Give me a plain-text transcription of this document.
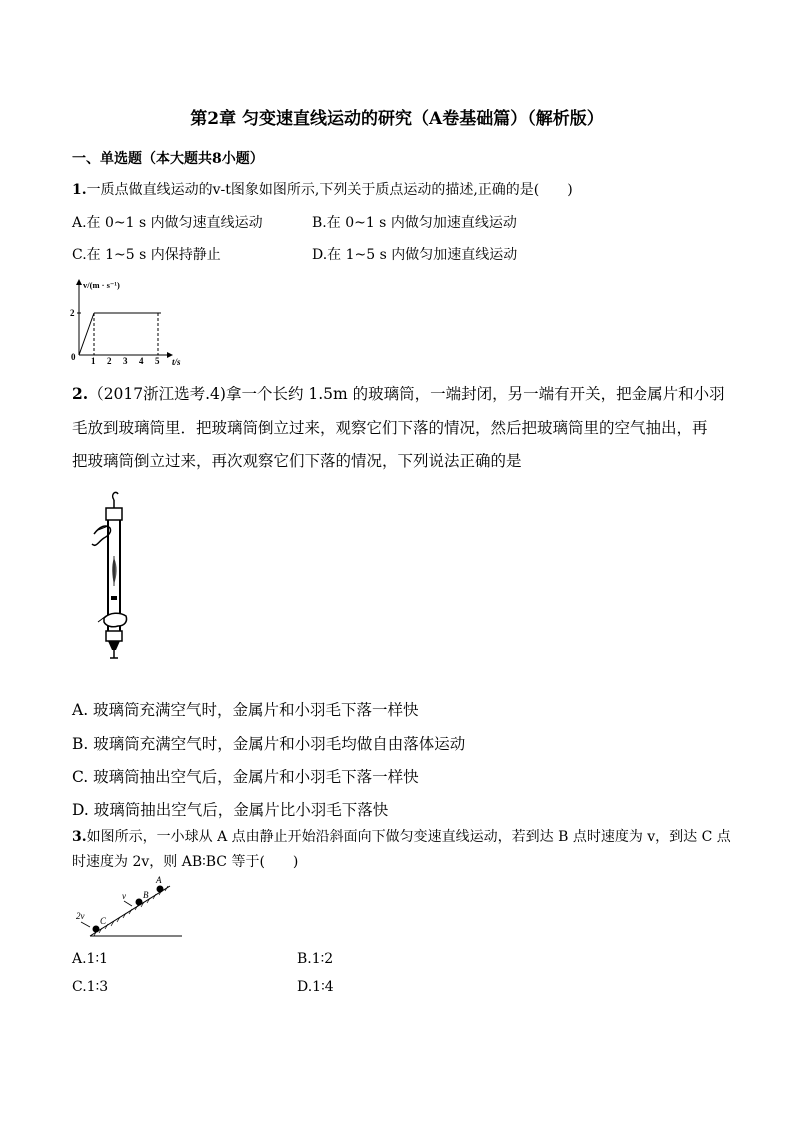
第2章 匀变速直线运动的研究（A卷基础篇）（解析版）
一、单选题（本大题共8小题）
1.一质点做直线运动的v-t图象如图所示,下列关于质点运动的描述,正确的是(　　)
A.在 0~1 s 内做匀速直线运动	B.在 0~1 s 内做匀加速直线运动
C.在 1~5 s 内保持静止	D.在 1~5 s 内做匀加速直线运动
v/(m · s⁻¹)
2
0 1 2 3 4 5 t/s
2.（2017浙江选考.4)拿一个长约 1.5m 的玻璃筒，一端封闭，另一端有开关，把金属片和小羽
毛放到玻璃筒里．把玻璃筒倒立过来，观察它们下落的情况，然后把玻璃筒里的空气抽出，再
把玻璃筒倒立过来，再次观察它们下落的情况，下列说法正确的是
A. 玻璃筒充满空气时，金属片和小羽毛下落一样快
B. 玻璃筒充满空气时，金属片和小羽毛均做自由落体运动
C. 玻璃筒抽出空气后，金属片和小羽毛下落一样快
D. 玻璃筒抽出空气后，金属片比小羽毛下落快
3.如图所示，一小球从 A 点由静止开始沿斜面向下做匀变速直线运动，若到达 B 点时速度为 v，到达 C 点
时速度为 2v，则 AB∶BC 等于(　　)
A
B
C
v
2v
A.1∶1	B.1∶2
C.1∶3	D.1∶4
